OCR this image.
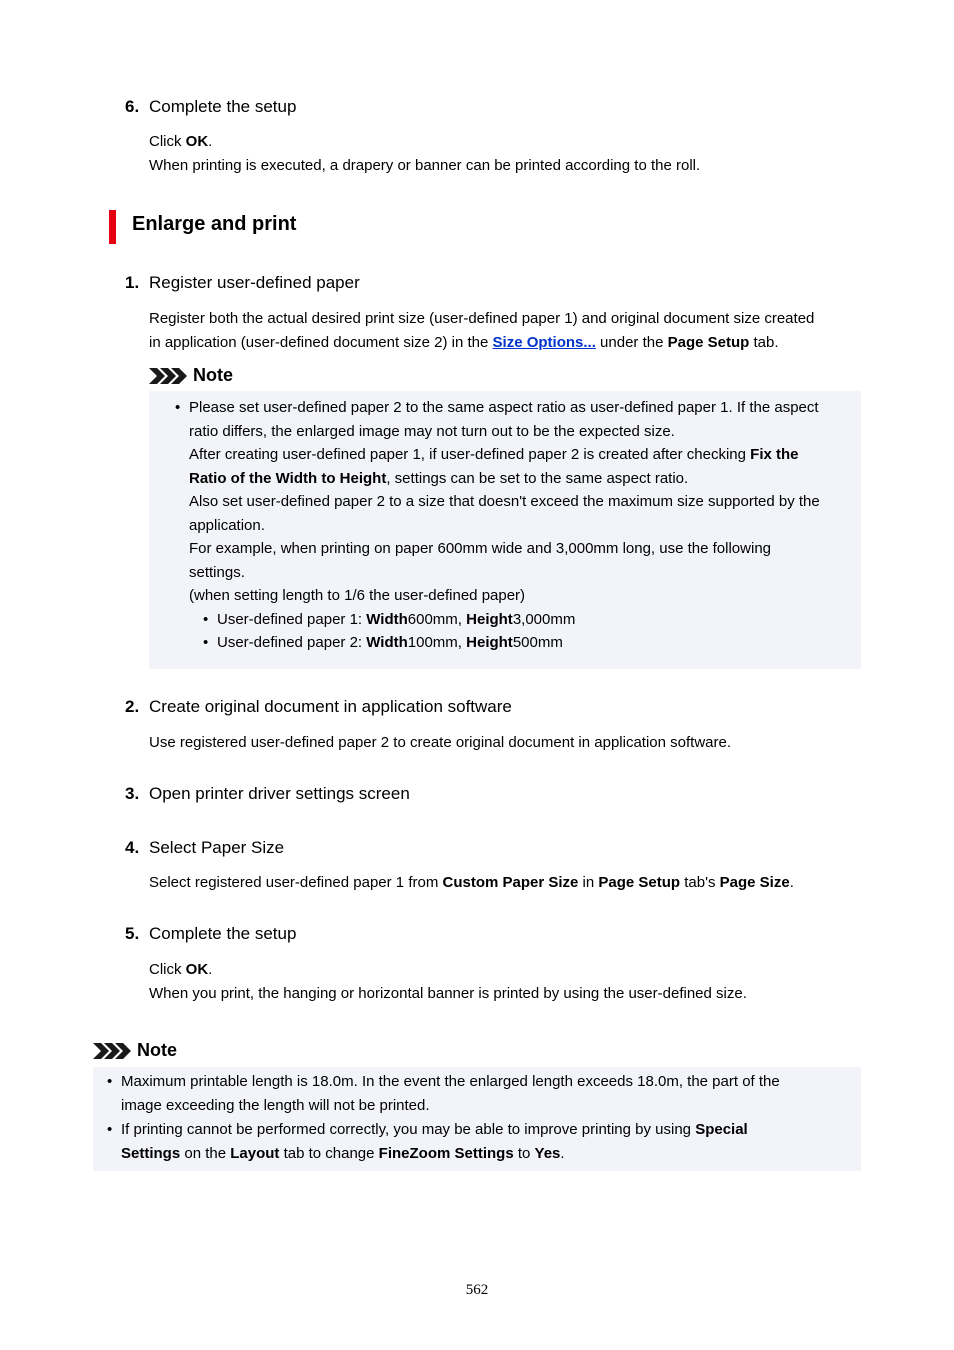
6. Complete the setup
Click OK.
When printing is executed, a drapery or banner can be printed according to the roll.
Enlarge and print
1. Register user-defined paper
Register both the actual desired print size (user-defined paper 1) and original document size created
in application (user-defined document size 2) in the Size Options... under the Page Setup tab.
Note
• Please set user-defined paper 2 to the same aspect ratio as user-defined paper 1. If the aspect
ratio differs, the enlarged image may not turn out to be the expected size.
After creating user-defined paper 1, if user-defined paper 2 is created after checking Fix the
Ratio of the Width to Height, settings can be set to the same aspect ratio.
Also set user-defined paper 2 to a size that doesn't exceed the maximum size supported by the
application.
For example, when printing on paper 600mm wide and 3,000mm long, use the following
settings.
(when setting length to 1/6 the user-defined paper)
• User-defined paper 1: Width600mm, Height3,000mm
• User-defined paper 2: Width100mm, Height500mm
2. Create original document in application software
Use registered user-defined paper 2 to create original document in application software.
3. Open printer driver settings screen
4. Select Paper Size
Select registered user-defined paper 1 from Custom Paper Size in Page Setup tab's Page Size.
5. Complete the setup
Click OK.
When you print, the hanging or horizontal banner is printed by using the user-defined size.
Note
• Maximum printable length is 18.0m. In the event the enlarged length exceeds 18.0m, the part of the
image exceeding the length will not be printed.
• If printing cannot be performed correctly, you may be able to improve printing by using Special
Settings on the Layout tab to change FineZoom Settings to Yes.
562
